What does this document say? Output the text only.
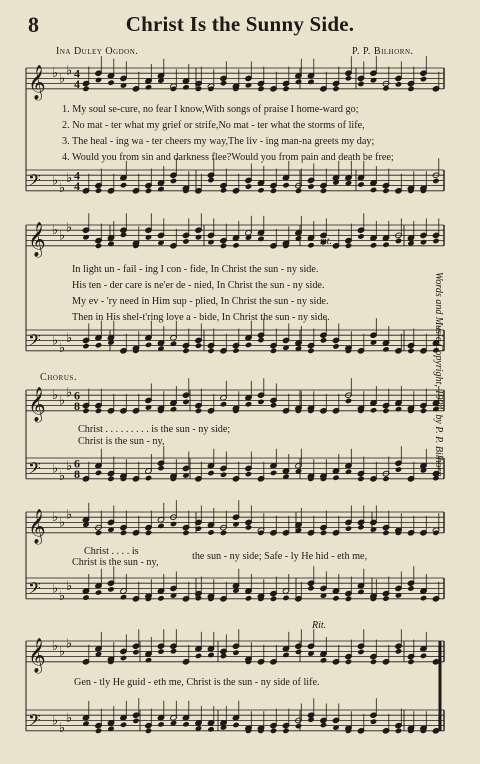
𝄞 ♭ ♭
♭
𝄢 ♭
♭
♭
4
4
4
4
𝄞 ♭ ♭
♭
𝄢 ♭
♭
♭
𝄞 ♭ ♭
♭
𝄢 ♭
♭
♭
6
6
8
8
𝄞 ♭ ♭
♭
𝄢 ♭
♭
♭
𝄞 ♭ ♭
♭
𝄢 ♭
♭
♭
8	Christ Is the Sunny Side.
Ina Duley Ogdon.	P. P. Bilhorn.
1. My soul se-cure, no fear I know,With songs of praise I home-ward go;
2. No mat - ter what my grief or strife,No mat - ter what the storms of life,
3. The heal - ing wa - ter cheers my way,The liv - ing man-na greets my day;
4. Would you from sin and darkness flee?Would you from pain and death be free;
rit.
In light un - fail - ing I con - fide, In Christ the sun - ny side.
His ten - der care is ne'er de - nied, In Christ the sun - ny side.
My ev - 'ry need in Him sup - plied, In Christ the sun - ny side.
Then in His shel-t'ring love a - bide, In Christ the sun - ny side.
Chorus.
Christ . . . . . . . . . is the sun - ny side;
Christ is the sun - ny,
Christ . . . . is
Christ is the sun - ny,
the sun - ny side; Safe - ly He hid - eth me,
Rit.
Gen - tly He guid - eth me, Christ is the sun - ny side of life.
Words and Music Copyright, 1904, by P. P. Bilhorn.
